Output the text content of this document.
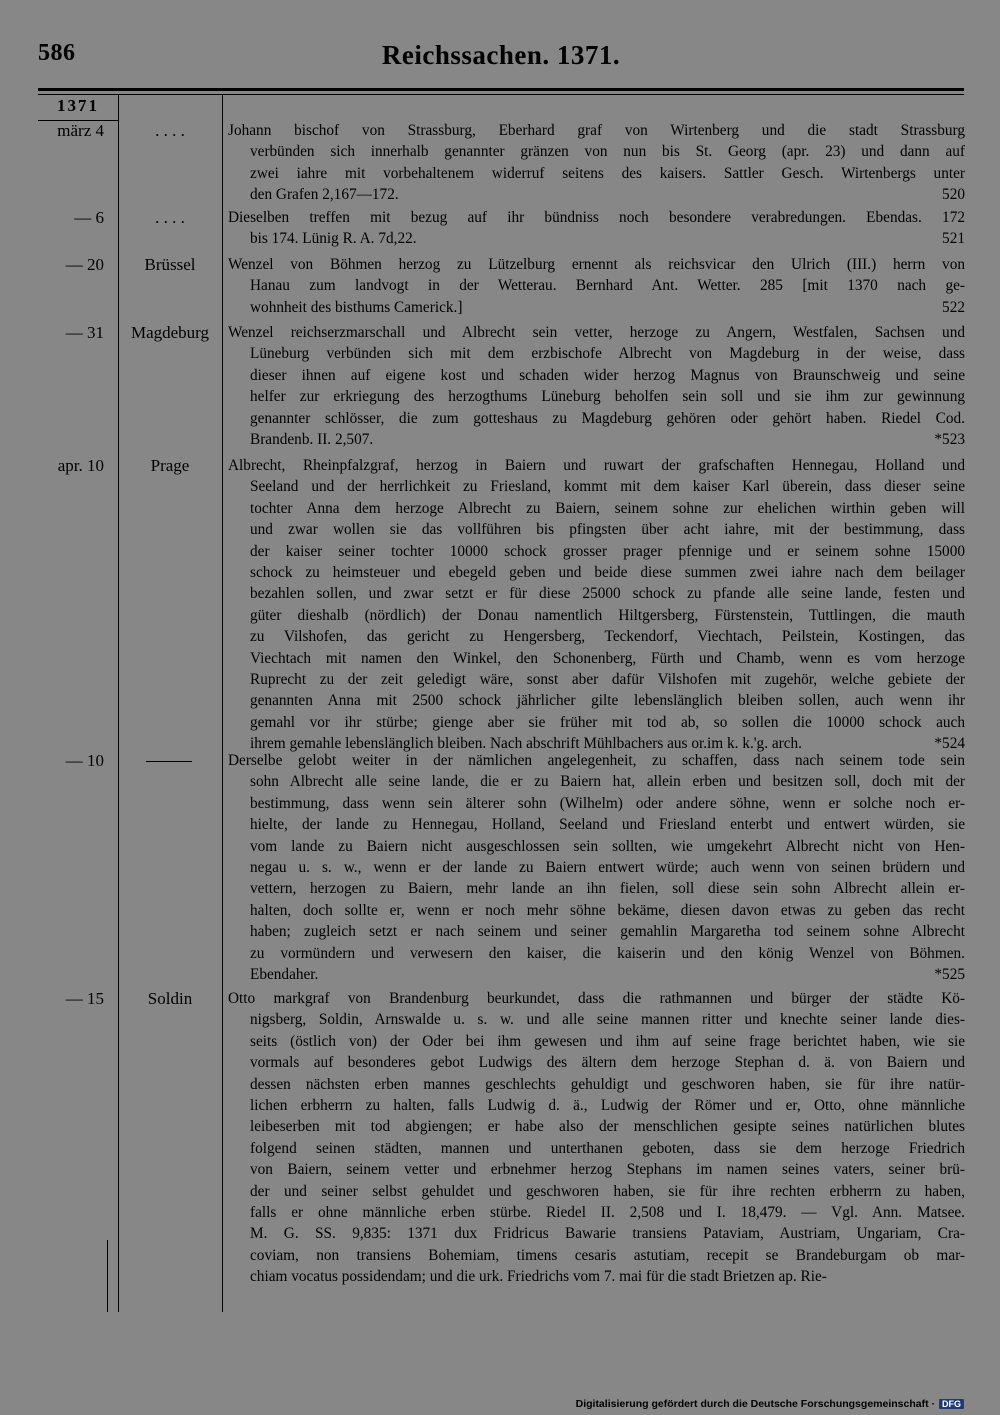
586	Reichssachen. 1371.
1371
märz 4	. . . .	Johann bischof von Strassburg, Eberhard graf von Wirtenberg und die stadt Strassburg

verbünden sich innerhalb genannter gränzen von nun bis St. Georg (apr. 23) und dann auf

zwei iahre mit vorbehaltenem widerruf seitens des kaisers. Sattler Gesch. Wirtenbergs unter

den Grafen 2,167—172.	520
— 6	. . . .	Dieselben treffen mit bezug auf ihr bündniss noch besondere verabredungen. Ebendas. 172

bis 174. Lünig R. A. 7d,22.	521
— 20	Brüssel	Wenzel von Böhmen herzog zu Lützelburg ernennt als reichsvicar den Ulrich (III.) herrn von

Hanau zum landvogt in der Wetterau. Bernhard Ant. Wetter. 285 [mit 1370 nach ge-

wohnheit des bisthums Camerick.]	522
— 31	Magdeburg	Wenzel reichserzmarschall und Albrecht sein vetter, herzoge zu Angern, Westfalen, Sachsen und

Lüneburg verbünden sich mit dem erzbischofe Albrecht von Magdeburg in der weise, dass

dieser ihnen auf eigene kost und schaden wider herzog Magnus von Braunschweig und seine

helfer zur erkriegung des herzogthums Lüneburg beholfen sein soll und sie ihm zur gewinnung

genannter schlösser, die zum gotteshaus zu Magdeburg gehören oder gehört haben. Riedel Cod.

Brandenb. II. 2,507.	*523
apr. 10	Prage	Albrecht, Rheinpfalzgraf, herzog in Baiern und ruwart der grafschaften Hennegau, Holland und

Seeland und der herrlichkeit zu Friesland, kommt mit dem kaiser Karl überein, dass dieser seine

tochter Anna dem herzoge Albrecht zu Baiern, seinem sohne zur ehelichen wirthin geben will

und zwar wollen sie das vollführen bis pfingsten über acht iahre, mit der bestimmung, dass

der kaiser seiner tochter 10000 schock grosser prager pfennige und er seinem sohne 15000

schock zu heimsteuer und ebegeld geben und beide diese summen zwei iahre nach dem beilager

bezahlen sollen, und zwar setzt er für diese 25000 schock zu pfande alle seine lande, festen und

güter dieshalb (nördlich) der Donau namentlich Hiltgersberg, Fürstenstein, Tuttlingen, die mauth

zu Vilshofen, das gericht zu Hengersberg, Teckendorf, Viechtach, Peilstein, Kostingen, das

Viechtach mit namen den Winkel, den Schonenberg, Fürth und Chamb, wenn es vom herzoge

Ruprecht zu der zeit geledigt wäre, sonst aber dafür Vilshofen mit zugehör, welche gebiete der

genannten Anna mit 2500 schock jährlicher gilte lebenslänglich bleiben sollen, auch wenn ihr

gemahl vor ihr stürbe; gienge aber sie früher mit tod ab, so sollen die 10000 schock auch

ihrem gemahle lebenslänglich bleiben. Nach abschrift Mühlbachers aus or.im k. k.'g. arch.	*524
— 10	Derselbe gelobt weiter in der nämlichen angelegenheit, zu schaffen, dass nach seinem tode sein

sohn Albrecht alle seine lande, die er zu Baiern hat, allein erben und besitzen soll, doch mit der

bestimmung, dass wenn sein älterer sohn (Wilhelm) oder andere söhne, wenn er solche noch er-

hielte, der lande zu Hennegau, Holland, Seeland und Friesland enterbt und entwert würden, sie

vom lande zu Baiern nicht ausgeschlossen sein sollten, wie umgekehrt Albrecht nicht von Hen-

negau u. s. w., wenn er der lande zu Baiern entwert würde; auch wenn von seinen brüdern und

vettern, herzogen zu Baiern, mehr lande an ihn fielen, soll diese sein sohn Albrecht allein er-

halten, doch sollte er, wenn er noch mehr söhne bekäme, diesen davon etwas zu geben das recht

haben; zugleich setzt er nach seinem und seiner gemahlin Margaretha tod seinem sohne Albrecht

zu vormündern und verwesern den kaiser, die kaiserin und den könig Wenzel von Böhmen.

Ebendaher.	*525
— 15	Soldin	Otto markgraf von Brandenburg beurkundet, dass die rathmannen und bürger der städte Kö-

nigsberg, Soldin, Arnswalde u. s. w. und alle seine mannen ritter und knechte seiner lande dies-

seits (östlich von) der Oder bei ihm gewesen und ihm auf seine frage berichtet haben, wie sie

vormals auf besonderes gebot Ludwigs des ältern dem herzoge Stephan d. ä. von Baiern und

dessen nächsten erben mannes geschlechts gehuldigt und geschworen haben, sie für ihre natür-

lichen erbherrn zu halten, falls Ludwig d. ä., Ludwig der Römer und er, Otto, ohne männliche

leibeserben mit tod abgiengen; er habe also der menschlichen gesipte seines natürlichen blutes

folgend seinen städten, mannen und unterthanen geboten, dass sie dem herzoge Friedrich

von Baiern, seinem vetter und erbnehmer herzog Stephans im namen seines vaters, seiner brü-

der und seiner selbst gehuldet und geschworen haben, sie für ihre rechten erbherrn zu haben,

falls er ohne männliche erben stürbe. Riedel II. 2,508 und I. 18,479. — Vgl. Ann. Matsee.

M. G. SS. 9,835: 1371 dux Fridricus Bawarie transiens Pataviam, Austriam, Ungariam, Cra-

coviam, non transiens Bohemiam, timens cesaris astutiam, recepit se Brandeburgam ob mar-

chiam vocatus possidendam; und die urk. Friedrichs vom 7. mai für die stadt Brietzen ap. Rie-

Digitalisierung gefördert durch die Deutsche Forschungsgemeinschaft · DFG
